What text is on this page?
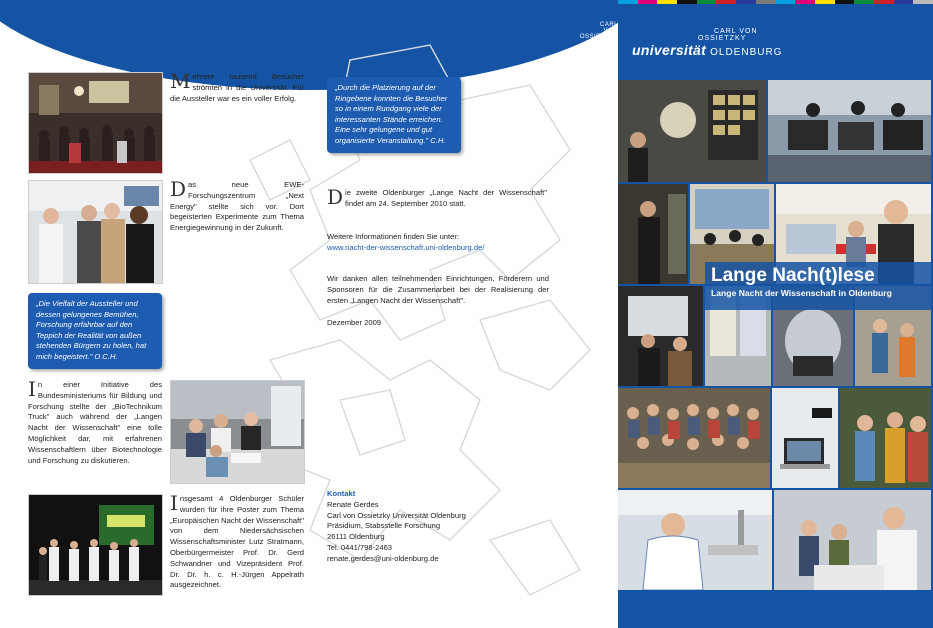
CARL
VON
OSSIETZKY
universität OLDENBURG
M ehrere tausend Besucher strömten in die Universität. Für die Aussteller war es ein voller Erfolg.
D as neue EWE-Forschungszentrum „Next Energy" stellte sich vor. Dort begeisterten Experimente zum Thema Energiegewinnung in der Zukunft.
„Die Vielfalt der Aussteller und dessen gelungenes Bemühen, Forschung erfahrbar auf den Teppich der Realität von außen stehenden Bürgern zu holen, hat mich begeistert." O.C.H.
I n einer Initiative des Bundesministeriums für Bildung und Forschung stellte der „BioTechnikum Truck" auch während der „Langen Nacht der Wissenschaft" eine tolle Möglichkeit dar, mit erfahrenen Wissenschaftlern über Biotechnologie und Forschung zu diskutieren.
I nsgesamt 4 Oldenburger Schüler wurden für ihre Poster zum Thema „Europäischen Nacht der Wissenschaft" von dem Niedersächsischen Wissenschaftsminister Lutz Stratmann, Oberbürgermeister Prof. Dr. Gerd Schwandner und Vizepräsident Prof. Dr. Dr. h. c. H.-Jürgen Appelrath ausgezeichnet.
„Durch die Platzierung auf der Ringebene konnten die Besucher so in einem Rundgang viele der interessanten Stände erreichen. Eine sehr gelungene und gut organisierte Veranstaltung." C.H.
D ie zweite Oldenburger „Lange Nacht der Wissenschaft" findet am 24. September 2010 statt.
Weitere Informationen finden Sie unter:
www.nacht-der-wissenschaft.uni-oldenburg.de/
Wir danken allen teilnehmenden Einrichtungen, Förderern und Sponsoren für die Zusammenarbeit bei der Realisierung der ersten „Langen Nacht der Wissenschaft".
Dezember 2009
Kontakt
Renate Gerdes
Carl von Ossietzky Universität Oldenburg
Präsidium, Stabsstelle Forschung
26111 Oldenburg
Tel. 0441/798-2463
renate.gerdes@uni-oldenburg.de
CARL VON
OSSIETZKY
universität OLDENBURG
Lange Nach(t)lese
Lange Nacht der Wissenschaft in Oldenburg
